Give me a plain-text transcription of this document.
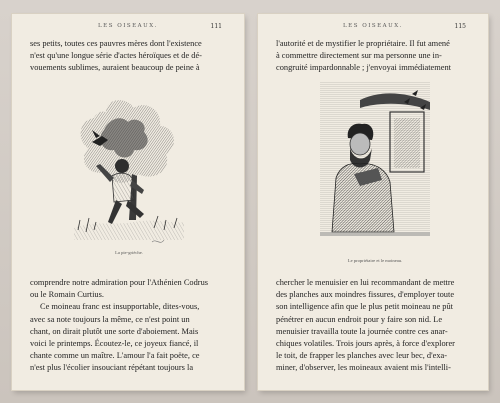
LES OISEAUX.	111
ses petits, toutes ces pauvres mères dont l'existence
n'est qu'une longue série d'actes héroïques et de dé-
vouements sublimes, auraient beaucoup de peine à
La pie-grièche.
comprendre notre admiration pour l'Athénien Codrus
ou le Romain Curtius.
Ce moineau franc est insupportable, dites-vous,
avec sa note toujours la même, ce n'est point un
chant, on dirait plutôt une sorte d'aboiement. Mais
voici le printemps. Écoutez-le, ce joyeux fiancé, il
chante comme un maître. L'amour l'a fait poëte, ce
n'est plus l'écolier insouciant répétant toujours la
LES OISEAUX.	115
l'autorité et de mystifier le propriétaire. Il fut amené
à commettre directement sur ma personne une in-
congruité impardonnable ; j'envoyai immédiatement
Le propriétaire et le moineau.
chercher le menuisier en lui recommandant de mettre
des planches aux moindres fissures, d'employer toute
son intelligence afin que le plus petit moineau ne pût
pénétrer en aucun endroit pour y faire son nid. Le
menuisier travailla toute la journée contre ces anar-
chiques volatiles. Trois jours après, à force d'explorer
le toit, de frapper les planches avec leur bec, d'exa-
miner, d'observer, les moineaux avaient mis l'intelli-
